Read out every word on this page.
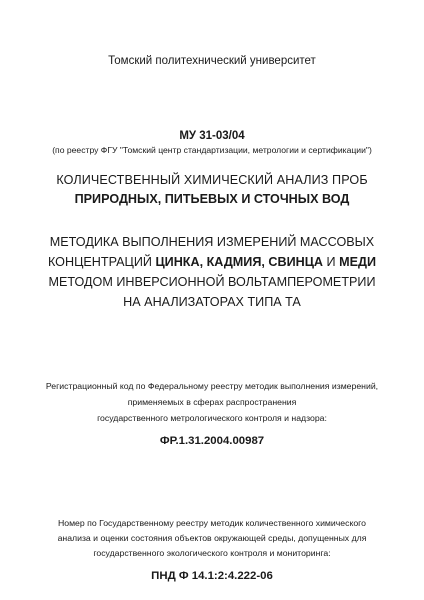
Томский политехнический университет
МУ 31-03/04
(по реестру ФГУ "Томский центр стандартизации, метрологии и сертификации")
КОЛИЧЕСТВЕННЫЙ ХИМИЧЕСКИЙ АНАЛИЗ ПРОБ
ПРИРОДНЫХ, ПИТЬЕВЫХ И СТОЧНЫХ ВОД
МЕТОДИКА ВЫПОЛНЕНИЯ ИЗМЕРЕНИЙ МАССОВЫХ
КОНЦЕНТРАЦИЙ ЦИНКА, КАДМИЯ, СВИНЦА И МЕДИ
МЕТОДОМ ИНВЕРСИОННОЙ ВОЛЬТАМПЕРОМЕТРИИ
НА АНАЛИЗАТОРАХ ТИПА ТА
Регистрационный код по Федеральному реестру методик выполнения измерений,
применяемых в сферах распространения
государственного метрологического контроля и надзора:
ФР.1.31.2004.00987
Номер по Государственному реестру методик количественного химического
анализа и оценки состояния объектов окружающей среды, допущенных для
государственного экологического контроля и мониторинга:
ПНД Ф 14.1:2:4.222-06
